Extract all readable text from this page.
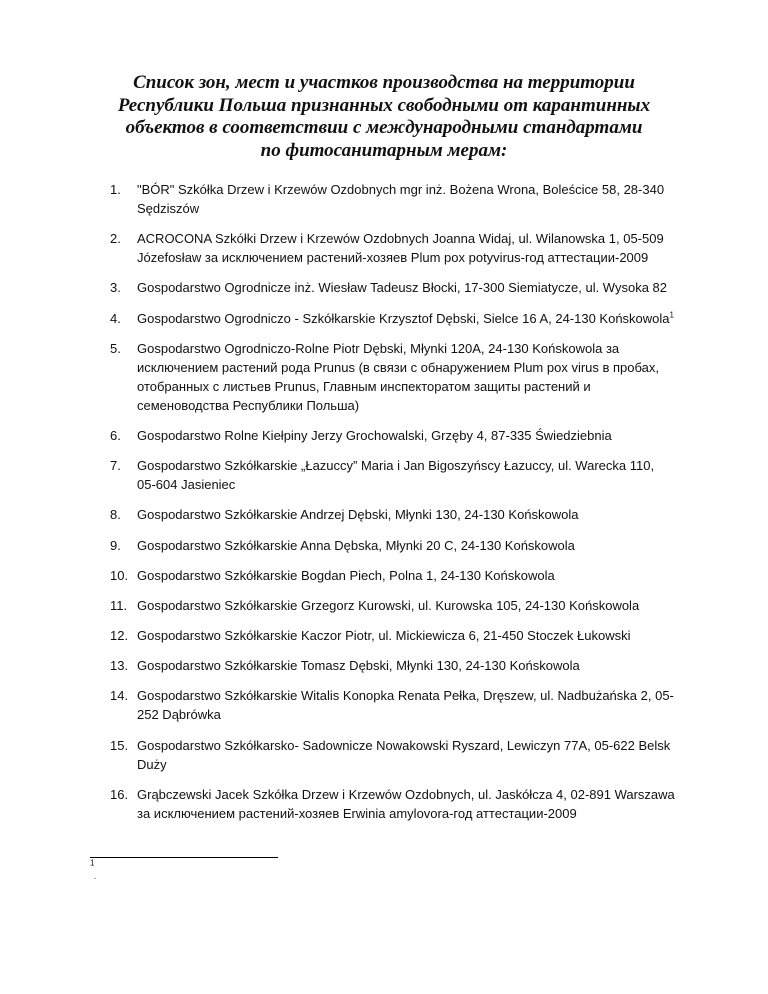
Список зон, мест и участков производства на территории Республики Польша признанных свободными от карантинных объектов в соответствии с международными стандартами по фитосанитарным мерам:
1. "BÓR" Szkółka Drzew i Krzewów Ozdobnych mgr inż. Bożena Wrona, Boleścice 58, 28-340 Sędziszów
2. ACROCONA Szkółki Drzew i Krzewów Ozdobnych Joanna Widaj, ul. Wilanowska 1, 05-509 Józefosław за исключением растений-хозяев Plum pox potyvirus-год аттестации-2009
3. Gospodarstwo Ogrodnicze inż. Wiesław Tadeusz Błocki, 17-300 Siemiatycze, ul. Wysoka 82
4. Gospodarstwo Ogrodniczo - Szkółkarskie Krzysztof Dębski, Sielce 16 A, 24-130 Końskowola$^1$
5. Gospodarstwo Ogrodniczo-Rolne Piotr Dębski, Młynki 120A, 24-130 Końskowola за исключением растений рода Prunus (в связи с обнаружением Plum pox virus в пробах, отобранных с листьев Prunus, Главным инспекторатом защиты растений и семеноводства Республики Польша)
6. Gospodarstwo Rolne Kiełpiny Jerzy Grochowalski, Grzęby 4, 87-335 Świedziebnia
7. Gospodarstwo Szkółkarskie „Łazuccy” Maria i Jan Bigoszyńscy Łazuccy, ul. Warecka 110, 05-604 Jasieniec
8. Gospodarstwo Szkółkarskie Andrzej Dębski, Młynki 130, 24-130 Końskowola
9. Gospodarstwo Szkółkarskie Anna Dębska, Młynki 20 C, 24-130 Końskowola
10. Gospodarstwo Szkółkarskie Bogdan Piech, Polna 1, 24-130 Końskowola
11. Gospodarstwo Szkółkarskie Grzegorz Kurowski, ul. Kurowska 105, 24-130 Końskowola
12. Gospodarstwo Szkółkarskie Kaczor Piotr, ul. Mickiewicza 6, 21-450 Stoczek Łukowski
13. Gospodarstwo Szkółkarskie Tomasz Dębski, Młynki 130, 24-130 Końskowola
14. Gospodarstwo Szkółkarskie Witalis Konopka Renata Pełka, Dręszew, ul. Nadbużańska 2, 05-252 Dąbrówka
15. Gospodarstwo Szkółkarsko- Sadownicze Nowakowski Ryszard, Lewiczyn 77A, 05-622 Belsk Duży
16. Grąbczewski Jacek Szkółka Drzew i Krzewów Ozdobnych, ul. Jaskółcza 4, 02-891 Warszawa за исключением растений-хозяев Erwinia amylovora-год аттестации-2009
$^1$
.
